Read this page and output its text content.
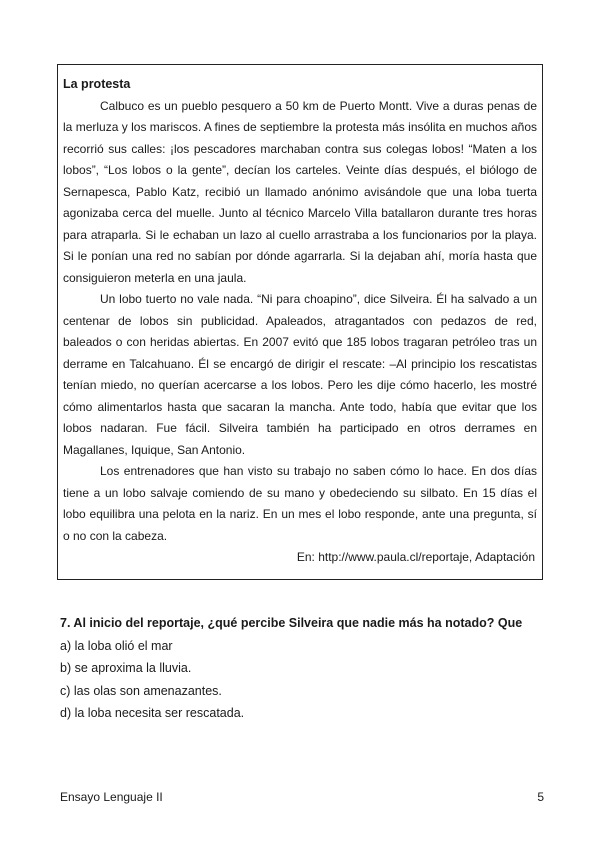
La protesta

Calbuco es un pueblo pesquero a 50 km de Puerto Montt. Vive a duras penas de la merluza y los mariscos. A fines de septiembre la protesta más insólita en muchos años recorrió sus calles: ¡los pescadores marchaban contra sus colegas lobos! “Maten a los lobos”, “Los lobos o la gente”, decían los carteles. Veinte días después, el biólogo de Sernapesca, Pablo Katz, recibió un llamado anónimo avisándole que una loba tuerta agonizaba cerca del muelle. Junto al técnico Marcelo Villa batallaron durante tres horas para atraparla. Si le echaban un lazo al cuello arrastraba a los funcionarios por la playa. Si le ponían una red no sabían por dónde agarrarla. Si la dejaban ahí, moría hasta que consiguieron meterla en una jaula.

Un lobo tuerto no vale nada. “Ni para choapino”, dice Silveira. Él ha salvado a un centenar de lobos sin publicidad. Apaleados, atragantados con pedazos de red, baleados o con heridas abiertas. En 2007 evitó que 185 lobos tragaran petróleo tras un derrame en Talcahuano. Él se encargó de dirigir el rescate: –Al principio los rescatistas tenían miedo, no querían acercarse a los lobos. Pero les dije cómo hacerlo, les mostré cómo alimentarlos hasta que sacaran la mancha. Ante todo, había que evitar que los lobos nadaran. Fue fácil. Silveira también ha participado en otros derrames en Magallanes, Iquique, San Antonio.

Los entrenadores que han visto su trabajo no saben cómo lo hace. En dos días tiene a un lobo salvaje comiendo de su mano y obedeciendo su silbato. En 15 días el lobo equilibra una pelota en la nariz. En un mes el lobo responde, ante una pregunta, sí o no con la cabeza.

En: http://www.paula.cl/reportaje, Adaptación

7. Al inicio del reportaje, ¿qué percibe Silveira que nadie más ha notado? Que

a) la loba olió el mar

b) se aproxima la lluvia.

c) las olas son amenazantes.

d) la loba necesita ser rescatada.

Ensayo Lenguaje II	5
